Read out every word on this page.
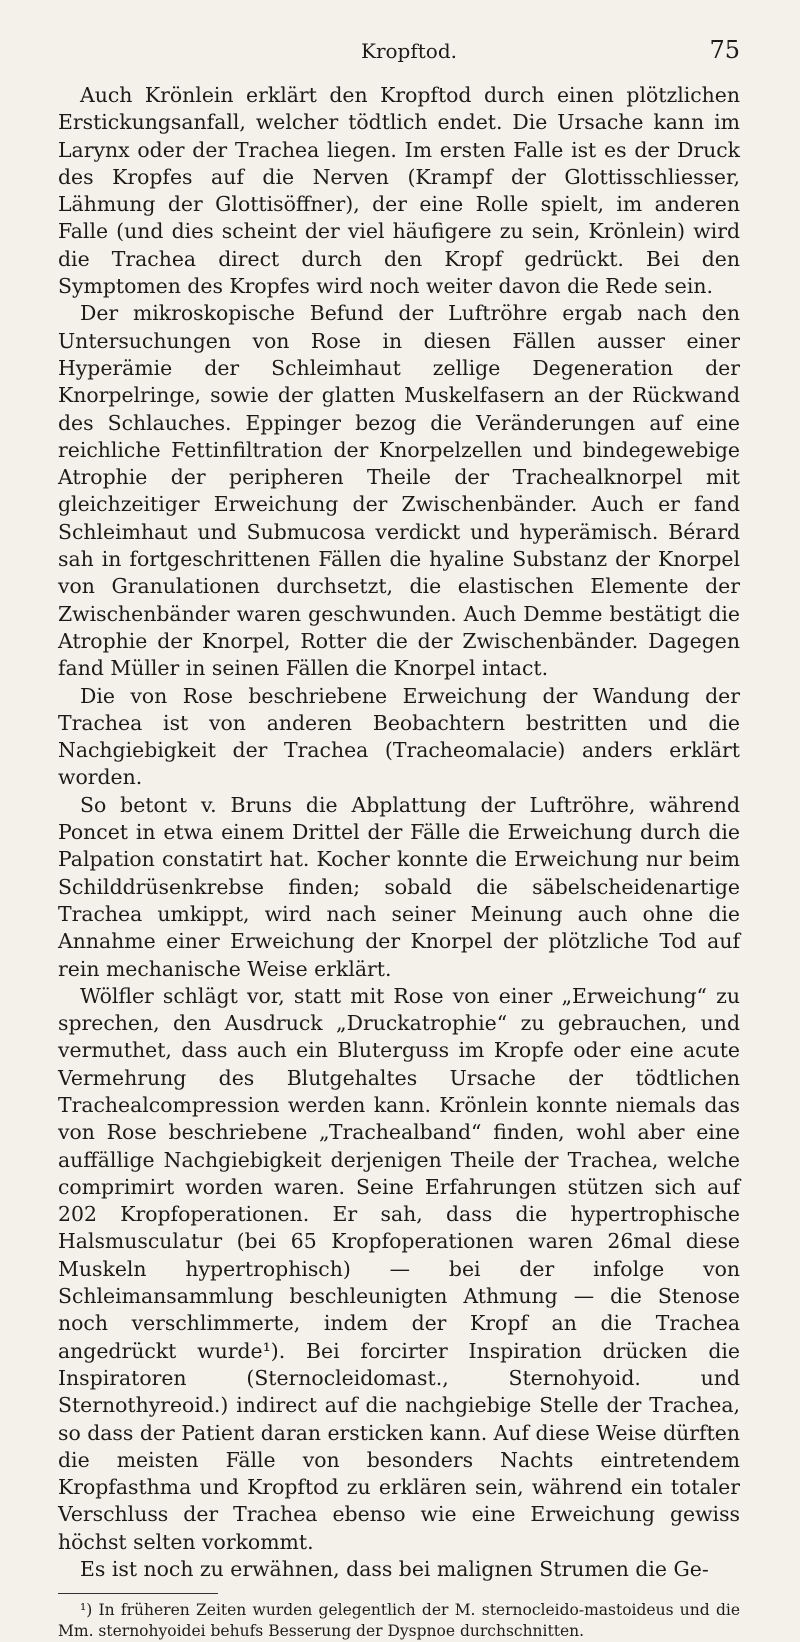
Kropftod.	75

Auch Krönlein erklärt den Kropftod durch einen plötzlichen Erstickungsanfall, welcher tödtlich endet. Die Ursache kann im Larynx oder der Trachea liegen. Im ersten Falle ist es der Druck des Kropfes auf die Nerven (Krampf der Glottisschliesser, Lähmung der Glottisöffner), der eine Rolle spielt, im anderen Falle (und dies scheint der viel häufigere zu sein, Krönlein) wird die Trachea direct durch den Kropf gedrückt. Bei den Symptomen des Kropfes wird noch weiter davon die Rede sein.

Der mikroskopische Befund der Luftröhre ergab nach den Untersuchungen von Rose in diesen Fällen ausser einer Hyperämie der Schleimhaut zellige Degeneration der Knorpelringe, sowie der glatten Muskelfasern an der Rückwand des Schlauches. Eppinger bezog die Veränderungen auf eine reichliche Fettinfiltration der Knorpelzellen und bindegewebige Atrophie der peripheren Theile der Trachealknorpel mit gleichzeitiger Erweichung der Zwischenbänder. Auch er fand Schleimhaut und Submucosa verdickt und hyperämisch. Bérard sah in fortgeschrittenen Fällen die hyaline Substanz der Knorpel von Granulationen durchsetzt, die elastischen Elemente der Zwischenbänder waren geschwunden. Auch Demme bestätigt die Atrophie der Knorpel, Rotter die der Zwischenbänder. Dagegen fand Müller in seinen Fällen die Knorpel intact.

Die von Rose beschriebene Erweichung der Wandung der Trachea ist von anderen Beobachtern bestritten und die Nachgiebigkeit der Trachea (Tracheomalacie) anders erklärt worden.

So betont v. Bruns die Abplattung der Luftröhre, während Poncet in etwa einem Drittel der Fälle die Erweichung durch die Palpation constatirt hat. Kocher konnte die Erweichung nur beim Schilddrüsenkrebse finden; sobald die säbelscheidenartige Trachea umkippt, wird nach seiner Meinung auch ohne die Annahme einer Erweichung der Knorpel der plötzliche Tod auf rein mechanische Weise erklärt.

Wölfler schlägt vor, statt mit Rose von einer „Erweichung“ zu sprechen, den Ausdruck „Druckatrophie“ zu gebrauchen, und vermuthet, dass auch ein Bluterguss im Kropfe oder eine acute Vermehrung des Blutgehaltes Ursache der tödtlichen Trachealcompression werden kann. Krönlein konnte niemals das von Rose beschriebene „Trachealband“ finden, wohl aber eine auffällige Nachgiebigkeit derjenigen Theile der Trachea, welche comprimirt worden waren. Seine Erfahrungen stützen sich auf 202 Kropfoperationen. Er sah, dass die hypertrophische Halsmusculatur (bei 65 Kropfoperationen waren 26mal diese Muskeln hypertrophisch) — bei der infolge von Schleimansammlung beschleunigten Athmung — die Stenose noch verschlimmerte, indem der Kropf an die Trachea angedrückt wurde¹). Bei forcirter Inspiration drücken die Inspiratoren (Sternocleidomast., Sternohyoid. und Sternothyreoid.) indirect auf die nachgiebige Stelle der Trachea, so dass der Patient daran ersticken kann. Auf diese Weise dürften die meisten Fälle von besonders Nachts eintretendem Kropfasthma und Kropftod zu erklären sein, während ein totaler Verschluss der Trachea ebenso wie eine Erweichung gewiss höchst selten vorkommt.

Es ist noch zu erwähnen, dass bei malignen Strumen die Ge-

¹) In früheren Zeiten wurden gelegentlich der M. sternocleido-mastoideus und die Mm. sternohyoidei behufs Besserung der Dyspnoe durchschnitten.
